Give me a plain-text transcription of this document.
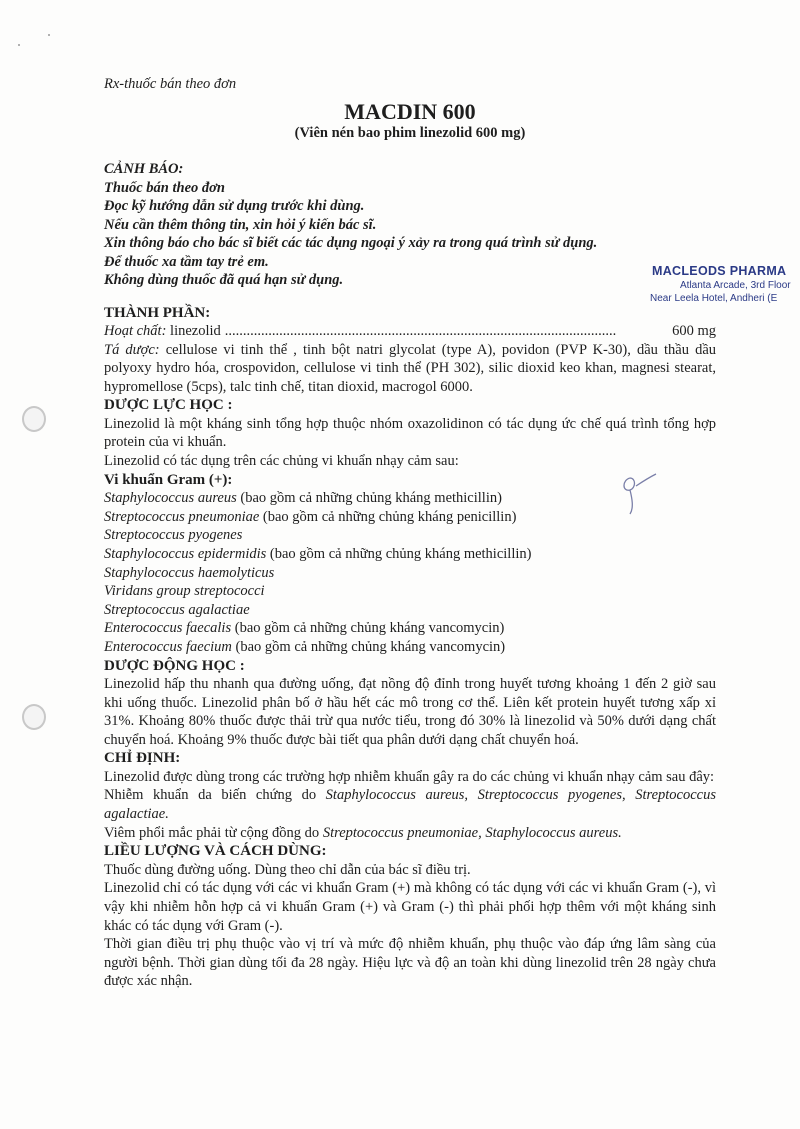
MACLEODS PHARMA
Atlanta Arcade, 3rd Floor
Near Leela Hotel, Andheri (E

Rx-thuốc bán theo đơn

MACDIN 600

(Viên nén bao phim linezolid 600 mg)

CẢNH BÁO:
Thuốc bán theo đơn
Đọc kỹ hướng dẫn sử dụng trước khi dùng.
Nếu cần thêm thông tin, xin hỏi ý kiến bác sĩ.
Xin thông báo cho bác sĩ biết các tác dụng ngoại ý xảy ra trong quá trình sử dụng.
Để thuốc xa tầm tay trẻ em.
Không dùng thuốc đã quá hạn sử dụng.
THÀNH PHẦN:
Hoạt chất: linezolid ............................................................................................................	600 mg

Tá dược: cellulose vi tinh thể , tinh bột natri glycolat (type A), povidon (PVP K-30), dầu thầu dầu polyoxy hydro hóa, crospovidon, cellulose vi tinh thể (PH 302), silic dioxid keo khan, magnesi stearat, hypromellose (5cps), talc tinh chế, titan dioxid, macrogol 6000.

DƯỢC LỰC HỌC :

Linezolid là một kháng sinh tổng hợp thuộc nhóm oxazolidinon có tác dụng ức chế quá trình tổng hợp protein của vi khuẩn.

Linezolid có tác dụng trên các chủng vi khuẩn nhạy cảm sau:

Vi khuẩn Gram (+):
Staphylococcus aureus (bao gồm cả những chủng kháng methicillin)
Streptococcus pneumoniae (bao gồm cả những chủng kháng penicillin)
Streptococcus pyogenes
Staphylococcus epidermidis (bao gồm cả những chủng kháng methicillin)
Staphylococcus haemolyticus
Viridans group streptococci
Streptococcus agalactiae
Enterococcus faecalis (bao gồm cả những chủng kháng vancomycin)
Enterococcus faecium (bao gồm cả những chủng kháng vancomycin)
DƯỢC ĐỘNG HỌC :

Linezolid hấp thu nhanh qua đường uống, đạt nồng độ đỉnh trong huyết tương khoảng 1 đến 2 giờ sau khi uống thuốc. Linezolid phân bố ở hầu hết các mô trong cơ thể. Liên kết protein huyết tương xấp xỉ 31%. Khoảng 80% thuốc được thải trừ qua nước tiểu, trong đó 30% là linezolid và 50% dưới dạng chất chuyển hoá. Khoảng 9% thuốc được bài tiết qua phân dưới dạng chất chuyển hoá.

CHỈ ĐỊNH:

Linezolid được dùng trong các trường hợp nhiễm khuẩn gây ra do các chủng vi khuẩn nhạy cảm sau đây:

Nhiễm khuẩn da biến chứng do Staphylococcus aureus, Streptococcus pyogenes, Streptococcus agalactiae.

Viêm phổi mắc phải từ cộng đồng do Streptococcus pneumoniae, Staphylococcus aureus.

LIỀU LƯỢNG VÀ CÁCH DÙNG:

Thuốc dùng đường uống. Dùng theo chỉ dẫn của bác sĩ điều trị.

Linezolid chỉ có tác dụng với các vi khuẩn Gram (+) mà không có tác dụng với các vi khuẩn Gram (-), vì vậy khi nhiễm hỗn hợp cả vi khuẩn Gram (+) và Gram (-) thì phải phối hợp thêm với một kháng sinh khác có tác dụng với Gram (-).

Thời gian điều trị phụ thuộc vào vị trí và mức độ nhiễm khuẩn, phụ thuộc vào đáp ứng lâm sàng của người bệnh. Thời gian dùng tối đa 28 ngày. Hiệu lực và độ an toàn khi dùng linezolid trên 28 ngày chưa được xác nhận.
